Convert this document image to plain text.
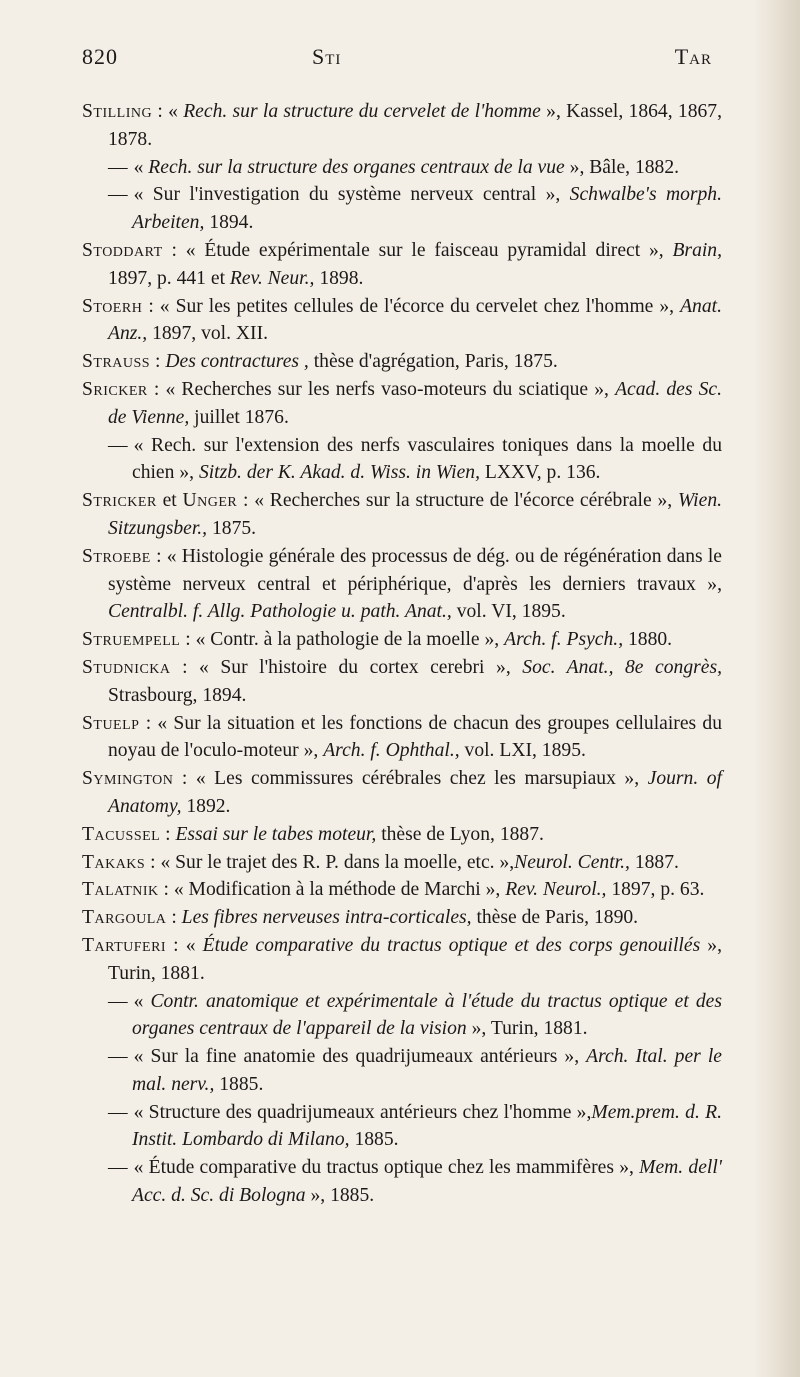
820	Sti	Tar
Stilling : « Rech. sur la structure du cervelet de l'homme », Kassel, 1864, 1867, 1878.
— « Rech. sur la structure des organes centraux de la vue », Bâle, 1882.
— « Sur l'investigation du système nerveux central », Schwalbe's morph. Arbeiten, 1894.
Stoddart : « Étude expérimentale sur le faisceau pyramidal direct », Brain, 1897, p. 441 et Rev. Neur., 1898.
Stoerh : « Sur les petites cellules de l'écorce du cervelet chez l'homme », Anat. Anz., 1897, vol. XII.
Strauss : Des contractures , thèse d'agrégation, Paris, 1875.
Sricker : « Recherches sur les nerfs vaso-moteurs du sciatique », Acad. des Sc. de Vienne, juillet 1876.
— « Rech. sur l'extension des nerfs vasculaires toniques dans la moelle du chien », Sitzb. der K. Akad. d. Wiss. in Wien, LXXV, p. 136.
Stricker et Unger : « Recherches sur la structure de l'écorce cérébrale », Wien. Sitzungsber., 1875.
Stroebe : « Histologie générale des processus de dég. ou de régénération dans le système nerveux central et périphérique, d'après les derniers travaux », Centralbl. f. Allg. Pathologie u. path. Anat., vol. VI, 1895.
Struempell : « Contr. à la pathologie de la moelle », Arch. f. Psych., 1880.
Studnicka : « Sur l'histoire du cortex cerebri », Soc. Anat., 8e congrès, Strasbourg, 1894.
Stuelp : « Sur la situation et les fonctions de chacun des groupes cellulaires du noyau de l'oculo-moteur », Arch. f. Ophthal., vol. LXI, 1895.
Symington : « Les commissures cérébrales chez les marsupiaux », Journ. of Anatomy, 1892.
Tacussel : Essai sur le tabes moteur, thèse de Lyon, 1887.
Takaks : « Sur le trajet des R. P. dans la moelle, etc. »,Neurol. Centr., 1887.
Talatnik : « Modification à la méthode de Marchi », Rev. Neurol., 1897, p. 63.
Targoula : Les fibres nerveuses intra-corticales, thèse de Paris, 1890.
Tartuferi : « Étude comparative du tractus optique et des corps genouillés », Turin, 1881.
— « Contr. anatomique et expérimentale à l'étude du tractus optique et des organes centraux de l'appareil de la vision », Turin, 1881.
— « Sur la fine anatomie des quadrijumeaux antérieurs », Arch. Ital. per le mal. nerv., 1885.
— « Structure des quadrijumeaux antérieurs chez l'homme »,Mem.prem. d. R. Instit. Lombardo di Milano, 1885.
— « Étude comparative du tractus optique chez les mammifères », Mem. dell' Acc. d. Sc. di Bologna », 1885.
